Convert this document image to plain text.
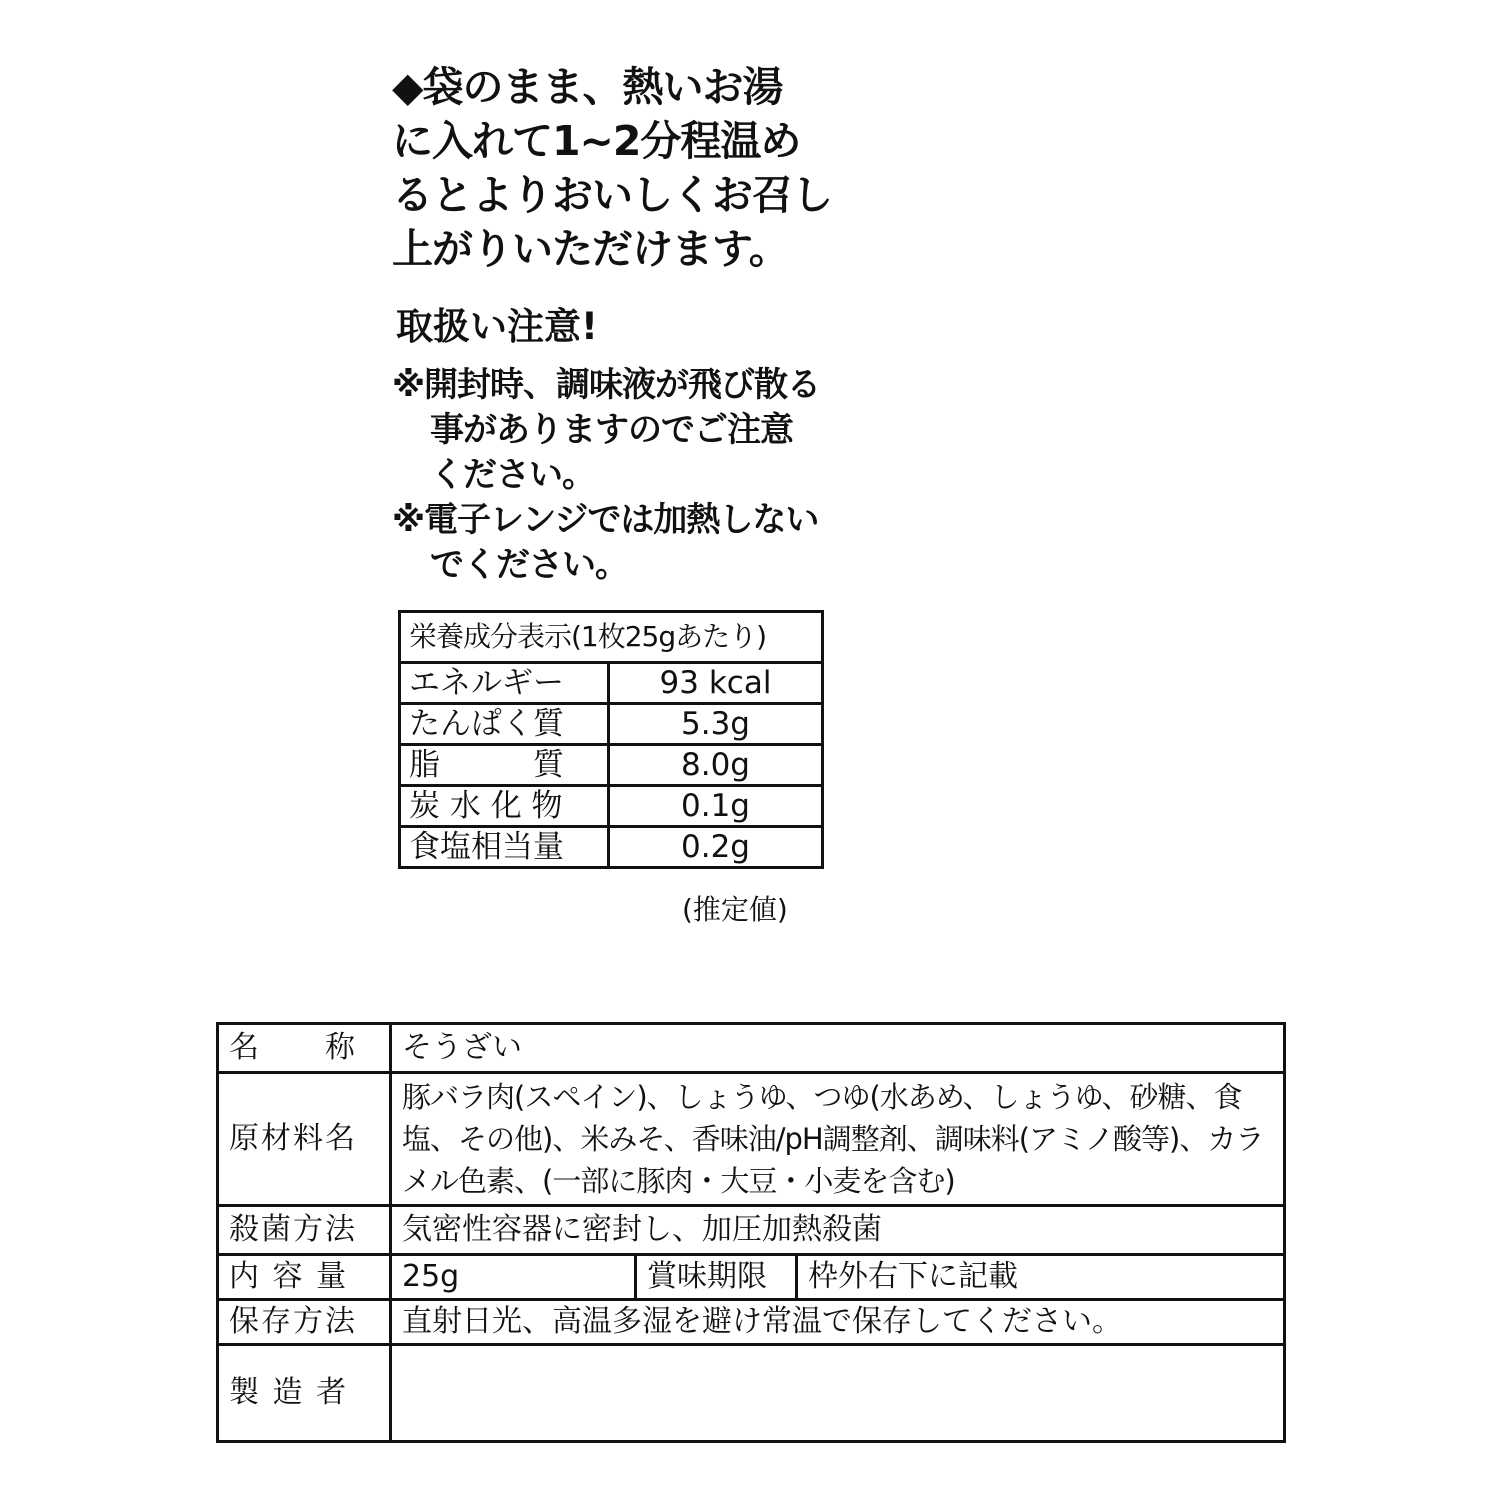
◆袋のまま、熱いお湯
に入れて1~2分程温め
るとよりおいしくお召し
上がりいただけます。
取扱い注意!
※開封時、調味液が飛び散る
事がありますのでご注意
ください。
※電子レンジでは加熱しない
でください。
栄養成分表示(1枚25gあたり)	
エネルギー	93 kcal
たんぱく質	5.3g
脂　　　質	8.0g
炭 水 化 物	0.1g
食塩相当量	0.2g

(推定値)

名　　称	そうざい		
原材料名	豚バラ肉(スペイン)、しょうゆ、つゆ(水あめ、しょうゆ、砂糖、食塩、その他)、米みそ、香味油/pH調整剤、調味料(アミノ酸等)、カラメル色素、(一部に豚肉・大豆・小麦を含む)		
殺菌方法	気密性容器に密封し、加圧加熱殺菌		
内 容 量	25g	賞味期限	枠外右下に記載
保存方法	直射日光、高温多湿を避け常温で保存してください。		
製 造 者			
